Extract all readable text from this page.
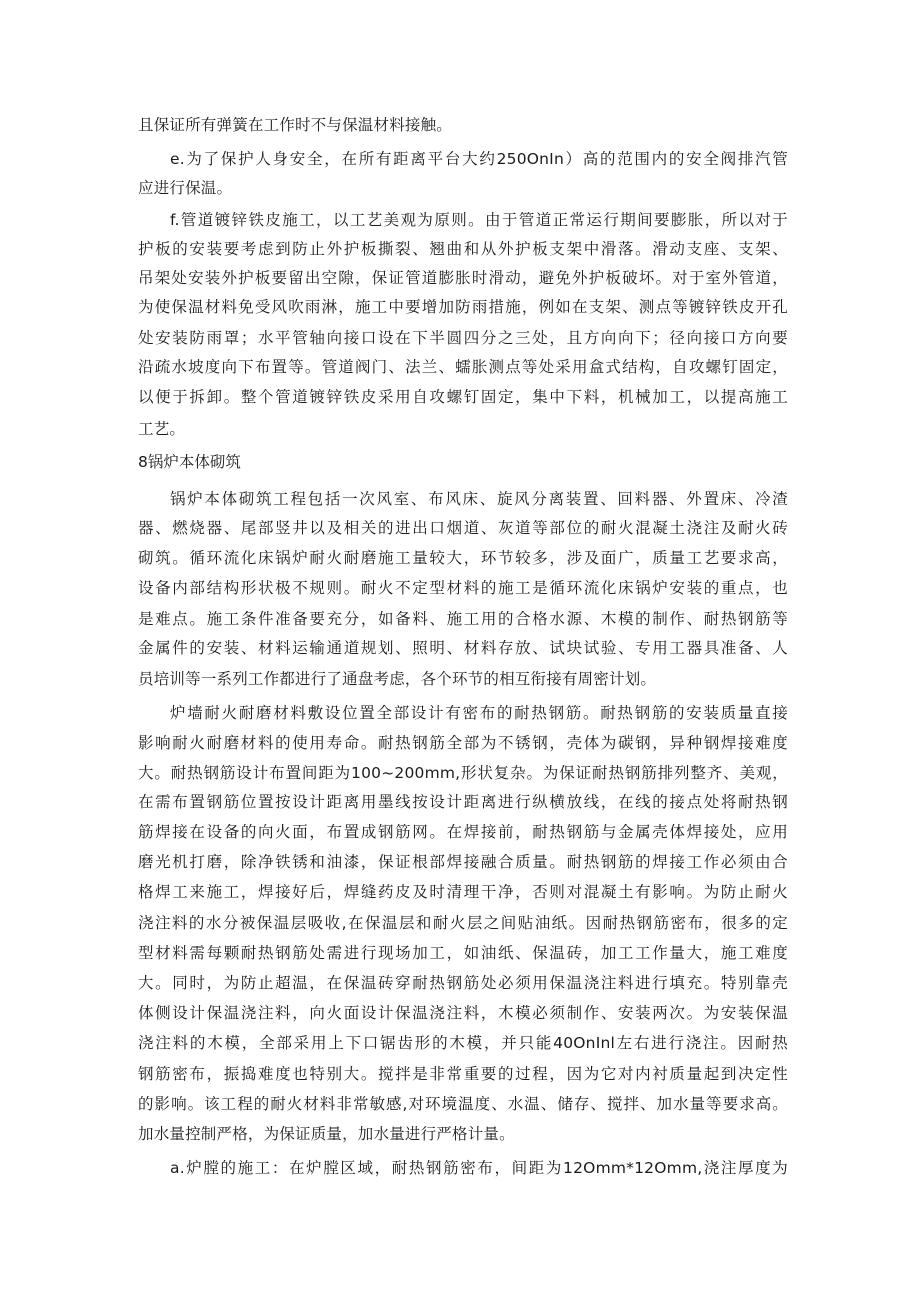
且保证所有弹簧在工作时不与保温材料接触。
e.为了保护人身安全，在所有距离平台大约250OnIn）高的范围内的安全阀排汽管
应进行保温。
f.管道镀锌铁皮施工，以工艺美观为原则。由于管道正常运行期间要膨胀，所以对于
护板的安装要考虑到防止外护板撕裂、翘曲和从外护板支架中滑落。滑动支座、支架、
吊架处安装外护板要留出空隙，保证管道膨胀时滑动，避免外护板破坏。对于室外管道，
为使保温材料免受风吹雨淋，施工中要增加防雨措施，例如在支架、测点等镀锌铁皮开孔
处安装防雨罩；水平管轴向接口设在下半圆四分之三处，且方向向下；径向接口方向要
沿疏水坡度向下布置等。管道阀门、法兰、蠕胀测点等处采用盒式结构，自攻螺钉固定，
以便于拆卸。整个管道镀锌铁皮采用自攻螺钉固定，集中下料，机械加工，以提高施工
工艺。
8锅炉本体砌筑
锅炉本体砌筑工程包括一次风室、布风床、旋风分离装置、回料器、外置床、冷渣
器、燃烧器、尾部竖井以及相关的进出口烟道、灰道等部位的耐火混凝土浇注及耐火砖
砌筑。循环流化床锅炉耐火耐磨施工量较大，环节较多，涉及面广，质量工艺要求高，
设备内部结构形状极不规则。耐火不定型材料的施工是循环流化床锅炉安装的重点，也
是难点。施工条件准备要充分，如备料、施工用的合格水源、木模的制作、耐热钢筋等
金属件的安装、材料运输通道规划、照明、材料存放、试块试验、专用工器具准备、人
员培训等一系列工作都进行了通盘考虑，各个环节的相互衔接有周密计划。
炉墙耐火耐磨材料敷设位置全部设计有密布的耐热钢筋。耐热钢筋的安装质量直接
影响耐火耐磨材料的使用寿命。耐热钢筋全部为不锈钢，壳体为碳钢，异种钢焊接难度
大。耐热钢筋设计布置间距为100~200mm,形状复杂。为保证耐热钢筋排列整齐、美观，
在需布置钢筋位置按设计距离用墨线按设计距离进行纵横放线，在线的接点处将耐热钢
筋焊接在设备的向火面，布置成钢筋网。在焊接前，耐热钢筋与金属壳体焊接处，应用
磨光机打磨，除净铁锈和油漆，保证根部焊接融合质量。耐热钢筋的焊接工作必须由合
格焊工来施工，焊接好后，焊缝药皮及时清理干净，否则对混凝土有影响。为防止耐火
浇注料的水分被保温层吸收,在保温层和耐火层之间贴油纸。因耐热钢筋密布，很多的定
型材料需每颗耐热钢筋处需进行现场加工，如油纸、保温砖，加工工作量大，施工难度
大。同时，为防止超温，在保温砖穿耐热钢筋处必须用保温浇注料进行填充。特别靠壳
体侧设计保温浇注料，向火面设计保温浇注料，木模必须制作、安装两次。为安装保温
浇注料的木模，全部采用上下口锯齿形的木模，并只能40OnInl左右进行浇注。因耐热
钢筋密布，振捣难度也特别大。搅拌是非常重要的过程，因为它对内衬质量起到决定性
的影响。该工程的耐火材料非常敏感,对环境温度、水温、储存、搅拌、加水量等要求高。
加水量控制严格，为保证质量，加水量进行严格计量。
a.炉膛的施工：在炉膛区域，耐热钢筋密布，间距为12Omm*12Omm,浇注厚度为
